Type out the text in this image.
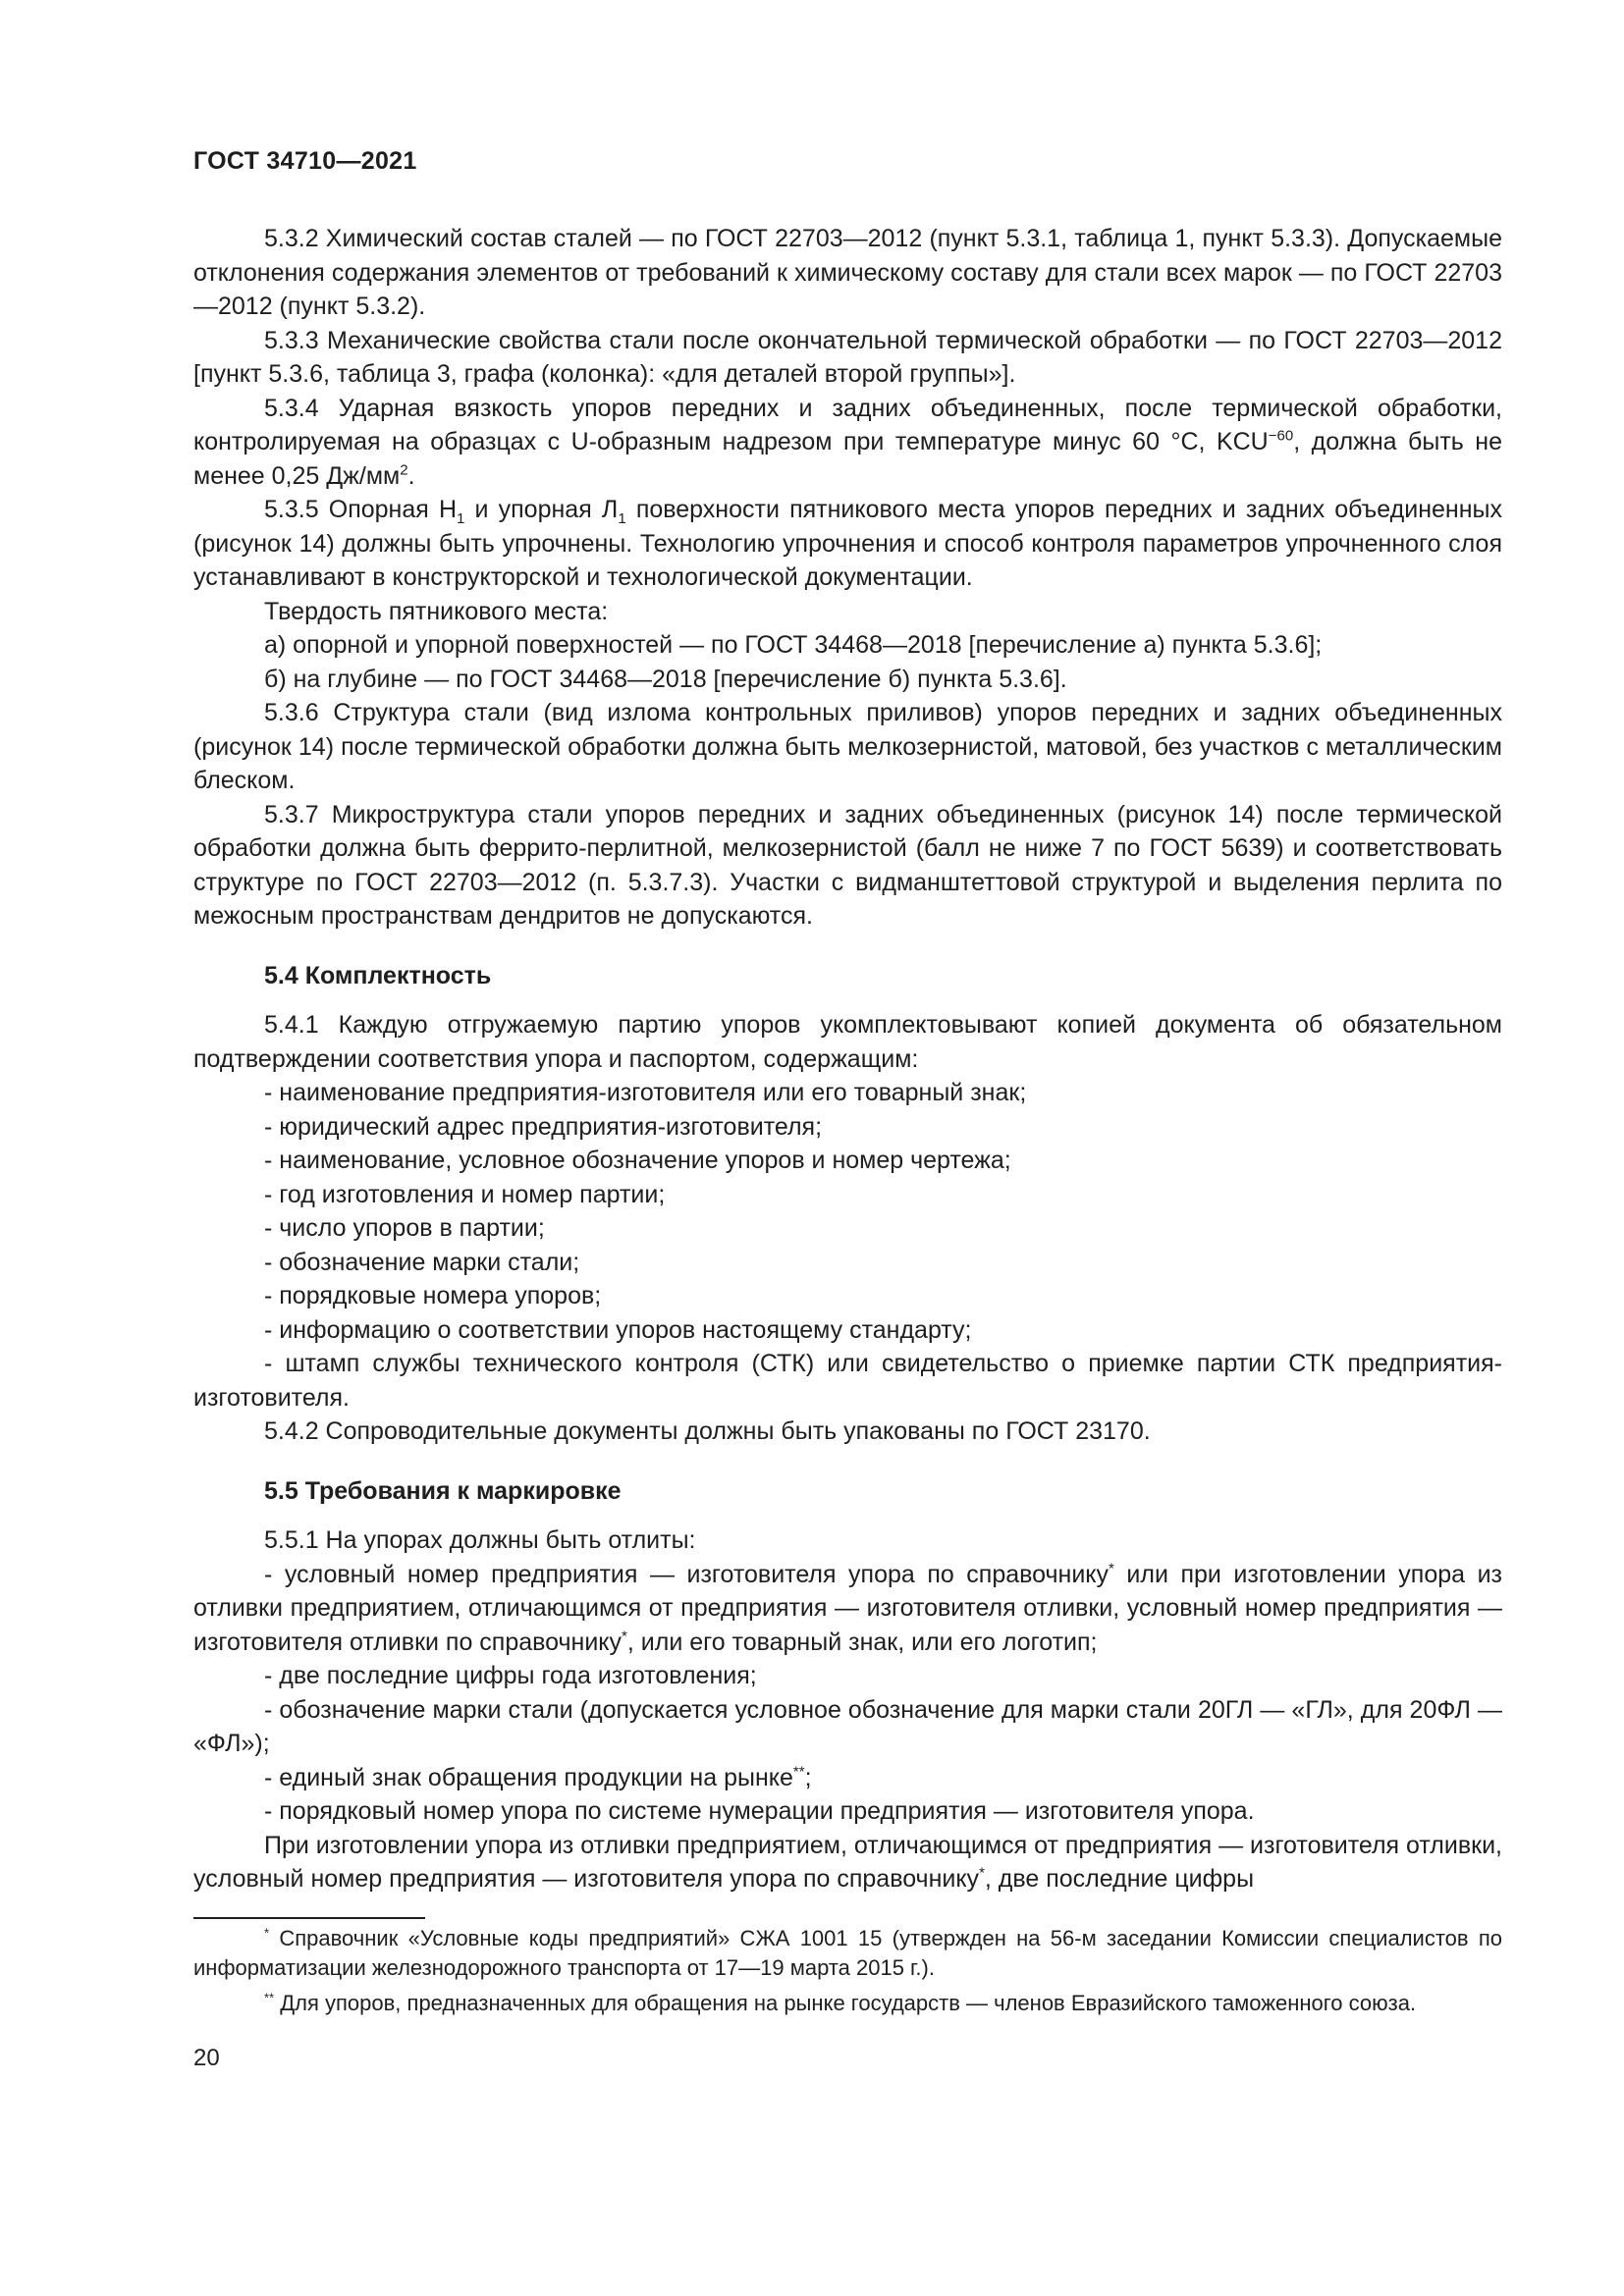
ГОСТ 34710—2021

5.3.2 Химический состав сталей — по ГОСТ 22703—2012 (пункт 5.3.1, таблица 1, пункт 5.3.3). Допускаемые отклонения содержания элементов от требований к химическому составу для стали всех марок — по ГОСТ 22703—2012 (пункт 5.3.2).

5.3.3 Механические свойства стали после окончательной термической обработки — по ГОСТ 22703—2012 [пункт 5.3.6, таблица 3, графа (колонка): «для деталей второй группы»].

5.3.4 Ударная вязкость упоров передних и задних объединенных, после термической обработки, контролируемая на образцах с U-образным надрезом при температуре минус 60 °С, $KCU^{-60}$, должна быть не менее 0,25 $Дж/мм^2$.

5.3.5 Опорная $Н_1$ и упорная $Л_1$ поверхности пятникового места упоров передних и задних объединенных (рисунок 14) должны быть упрочнены. Технологию упрочнения и способ контроля параметров упрочненного слоя устанавливают в конструкторской и технологической документации.

Твердость пятникового места:

а) опорной и упорной поверхностей — по ГОСТ 34468—2018 [перечисление а) пункта 5.3.6];

б) на глубине — по ГОСТ 34468—2018 [перечисление б) пункта 5.3.6].

5.3.6 Структура стали (вид излома контрольных приливов) упоров передних и задних объединенных (рисунок 14) после термической обработки должна быть мелкозернистой, матовой, без участков с металлическим блеском.

5.3.7 Микроструктура стали упоров передних и задних объединенных (рисунок 14) после термической обработки должна быть феррито-перлитной, мелкозернистой (балл не ниже 7 по ГОСТ 5639) и соответствовать структуре по ГОСТ 22703—2012 (п. 5.3.7.3). Участки с видманштеттовой структурой и выделения перлита по межосным пространствам дендритов не допускаются.

5.4 Комплектность

5.4.1 Каждую отгружаемую партию упоров укомплектовывают копией документа об обязательном подтверждении соответствия упора и паспортом, содержащим:

- наименование предприятия-изготовителя или его товарный знак;

- юридический адрес предприятия-изготовителя;

- наименование, условное обозначение упоров и номер чертежа;

- год изготовления и номер партии;

- число упоров в партии;

- обозначение марки стали;

- порядковые номера упоров;

- информацию о соответствии упоров настоящему стандарту;

- штамп службы технического контроля (СТК) или свидетельство о приемке партии СТК предприятия-изготовителя.

5.4.2 Сопроводительные документы должны быть упакованы по ГОСТ 23170.

5.5 Требования к маркировке

5.5.1 На упорах должны быть отлиты:

- условный номер предприятия — изготовителя упора по справочнику* или при изготовлении упора из отливки предприятием, отличающимся от предприятия — изготовителя отливки, условный номер предприятия — изготовителя отливки по справочнику*, или его товарный знак, или его логотип;

- две последние цифры года изготовления;

- обозначение марки стали (допускается условное обозначение для марки стали 20ГЛ — «ГЛ», для 20ФЛ — «ФЛ»);

- единый знак обращения продукции на рынке**;

- порядковый номер упора по системе нумерации предприятия — изготовителя упора.

При изготовлении упора из отливки предприятием, отличающимся от предприятия — изготовителя отливки, условный номер предприятия — изготовителя упора по справочнику*, две последние цифры

* Справочник «Условные коды предприятий» СЖА 1001 15 (утвержден на 56-м заседании Комиссии специалистов по информатизации железнодорожного транспорта от 17—19 марта 2015 г.).

** Для упоров, предназначенных для обращения на рынке государств — членов Евразийского таможенного союза.

20
